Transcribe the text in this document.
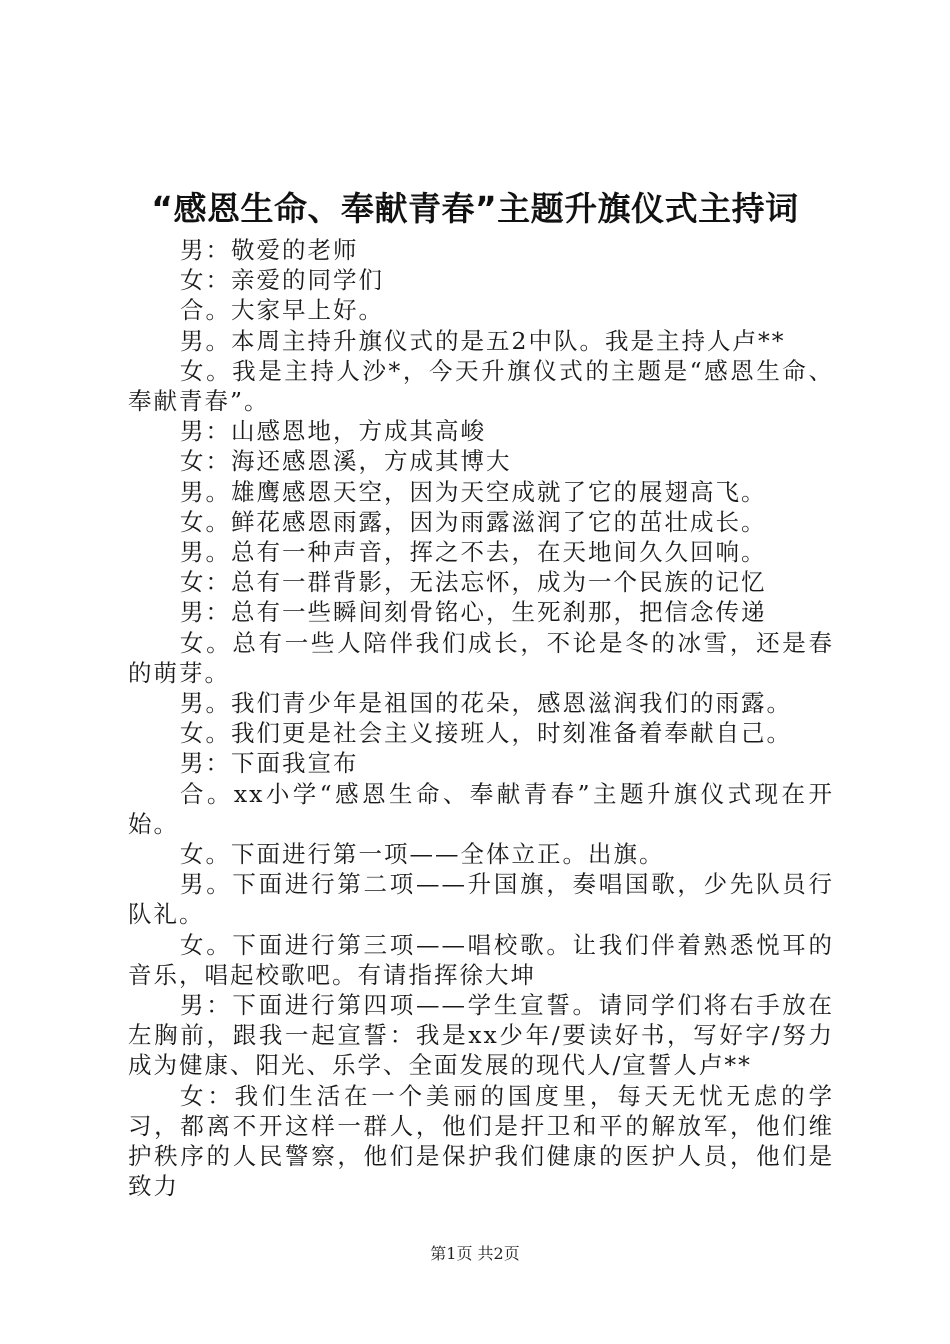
“感恩生命、奉献青春”主题升旗仪式主持词

男：敬爱的老师

女：亲爱的同学们

合。大家早上好。

男。本周主持升旗仪式的是五2中队。我是主持人卢**

女。我是主持人沙*，今天升旗仪式的主题是“感恩生命、奉献青春”。

男：山感恩地，方成其高峻

女：海还感恩溪，方成其博大

男。雄鹰感恩天空，因为天空成就了它的展翅高飞。

女。鲜花感恩雨露，因为雨露滋润了它的茁壮成长。

男。总有一种声音，挥之不去，在天地间久久回响。

女：总有一群背影，无法忘怀，成为一个民族的记忆

男：总有一些瞬间刻骨铭心，生死刹那，把信念传递

女。总有一些人陪伴我们成长，不论是冬的冰雪，还是春的萌芽。

男。我们青少年是祖国的花朵，感恩滋润我们的雨露。

女。我们更是社会主义接班人，时刻准备着奉献自己。

男：下面我宣布

合。xx小学“感恩生命、奉献青春”主题升旗仪式现在开始。

女。下面进行第一项——全体立正。出旗。

男。下面进行第二项——升国旗，奏唱国歌，少先队员行队礼。

女。下面进行第三项——唱校歌。让我们伴着熟悉悦耳的音乐，唱起校歌吧。有请指挥徐大坤

男：下面进行第四项——学生宣誓。请同学们将右手放在左胸前，跟我一起宣誓：我是xx少年/要读好书，写好字/努力成为健康、阳光、乐学、全面发展的现代人/宣誓人卢**

女：我们生活在一个美丽的国度里，每天无忧无虑的学习，都离不开这样一群人，他们是扞卫和平的解放军，他们维护秩序的人民警察，他们是保护我们健康的医护人员，他们是致力

第1页 共2页
